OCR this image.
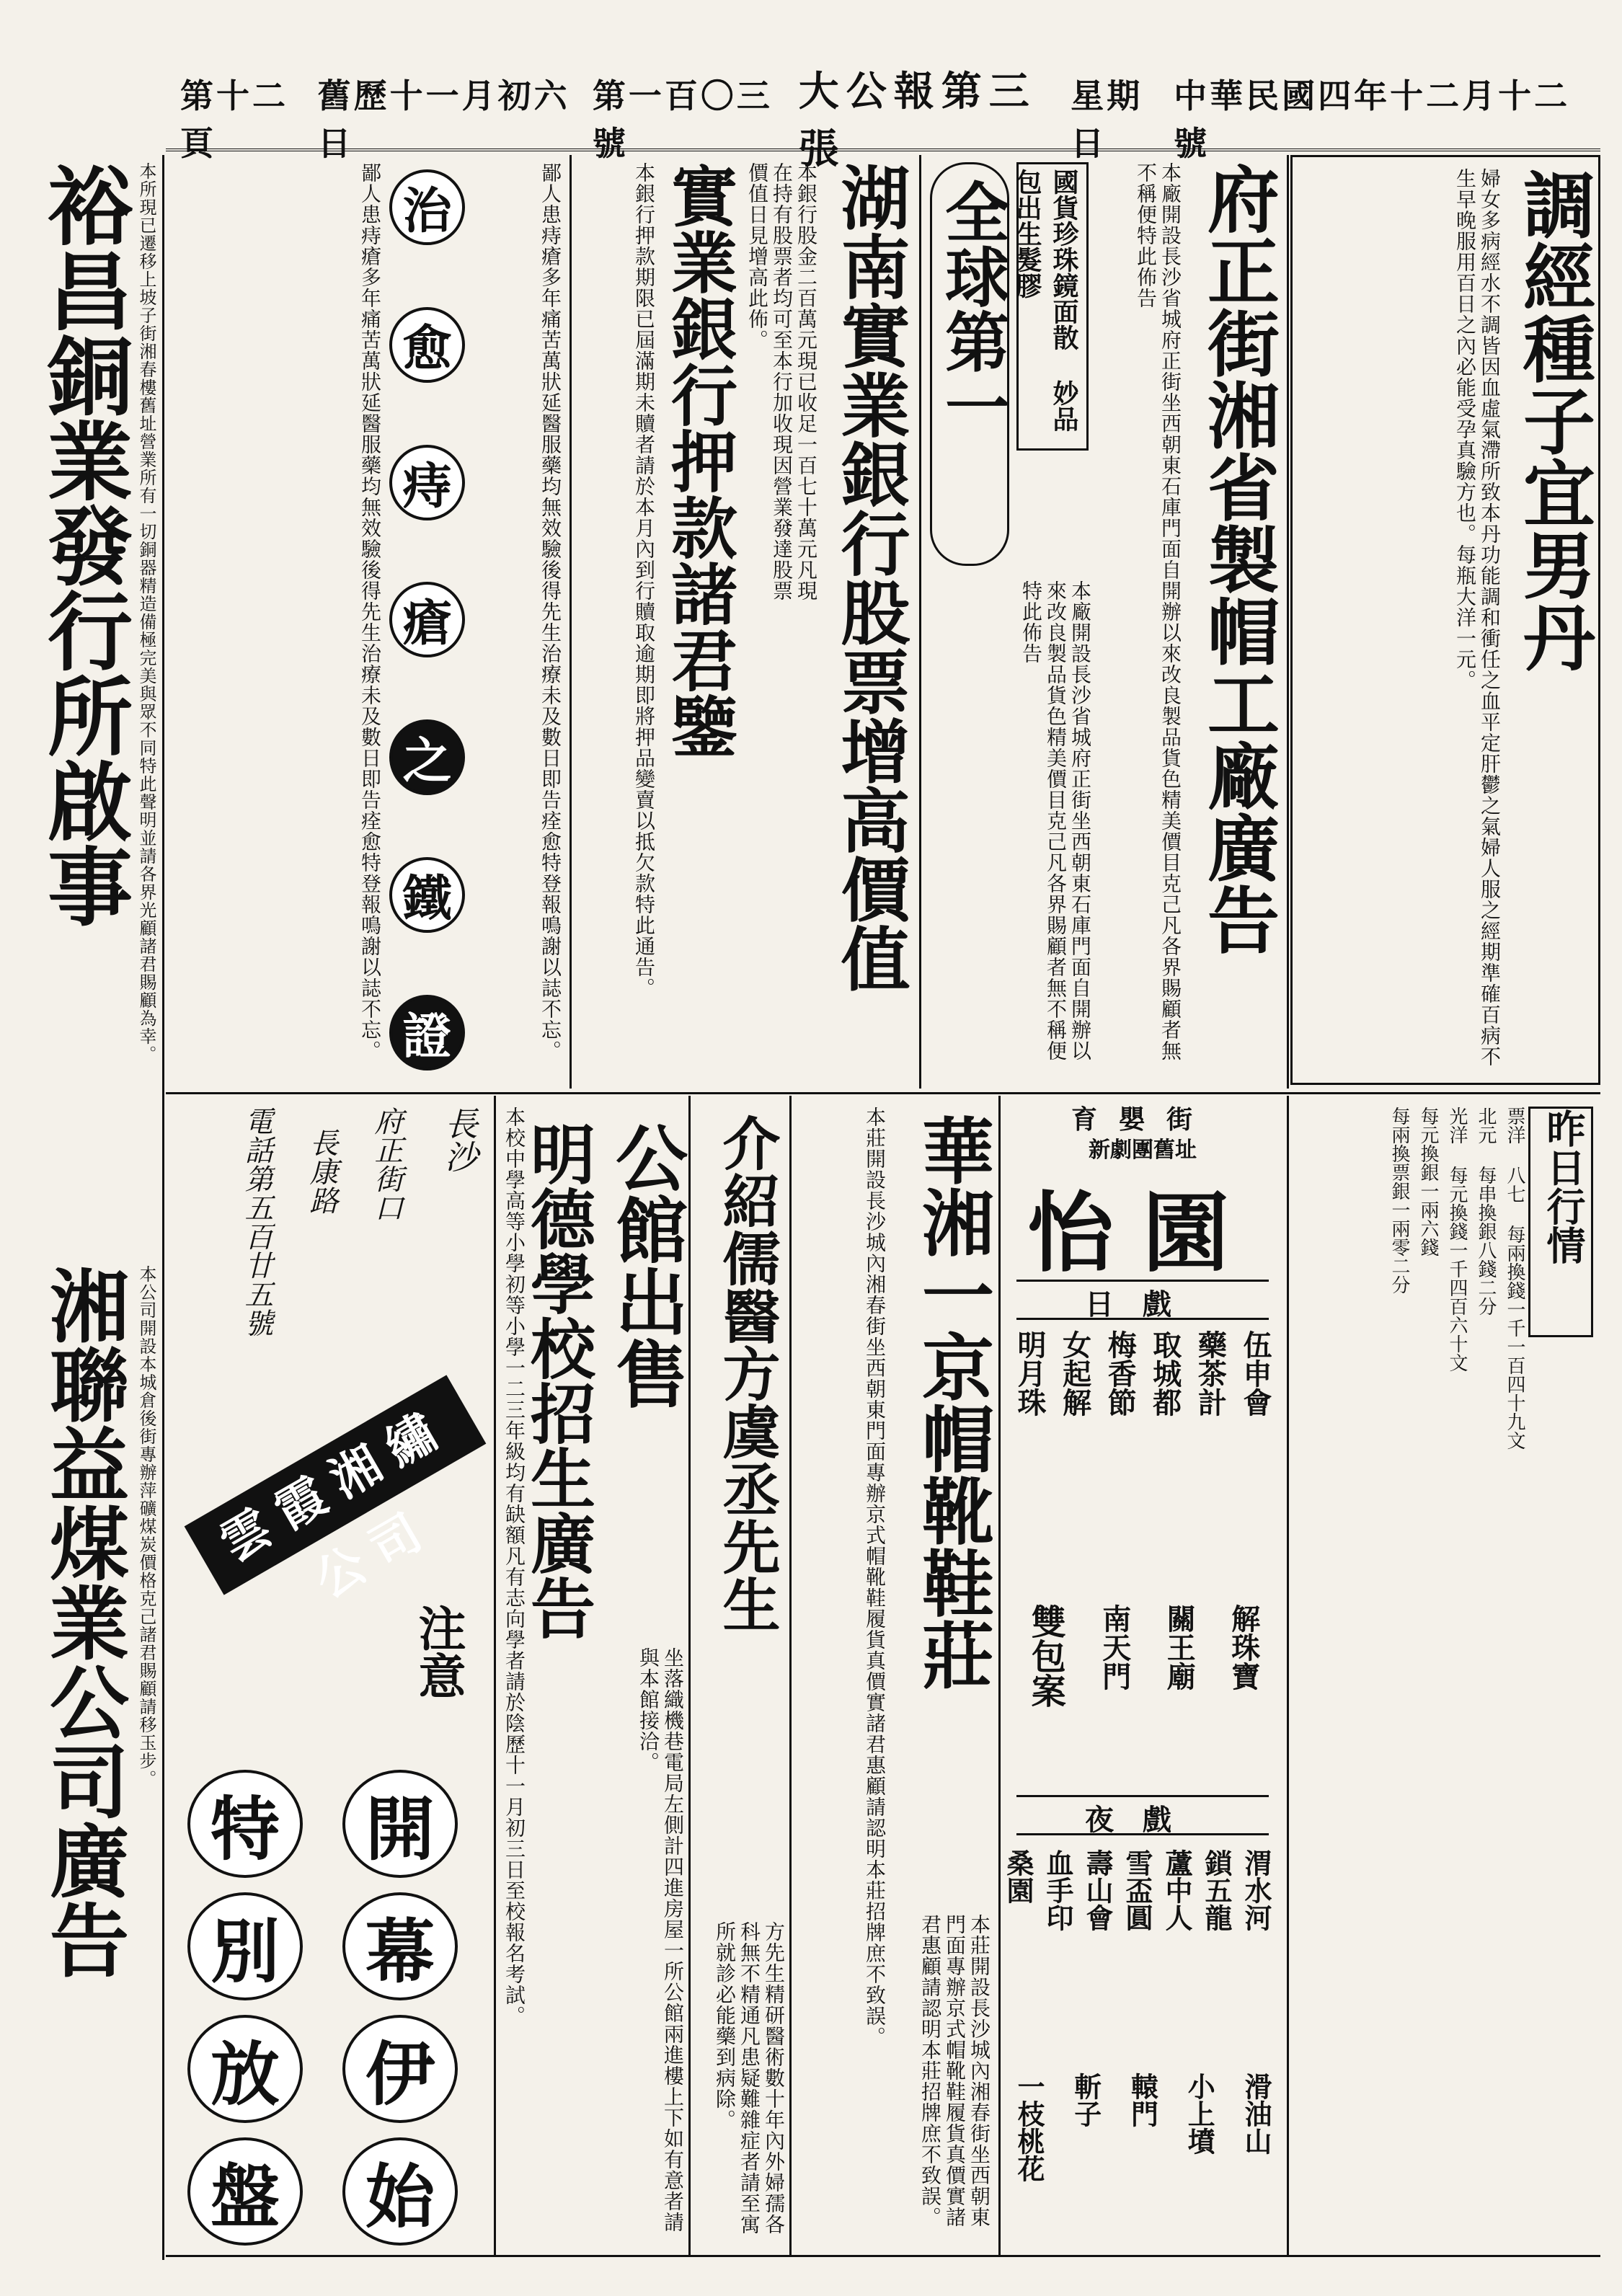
第十二頁
舊歷十一月初六日
第一百〇三號
大公報第三張
星期日
中華民國四年十二月十二號
裕昌銅業發行所啟事 本所現已遷移上坡子街湘春樓舊址營業所有一切銅器精造備極完美與眾不同特此聲明並請各界光顧諸君賜顧為幸。
湘聯益煤業公司廣告 本公司開設本城倉後街專辦萍礦煤炭價格克己諸君賜顧請移玉步。
調經種子宜男丹
婦女多病經水不調皆因血虛氣滯所致本丹功能調和衝任之血平定肝鬱之氣婦人服之經期準確百病不生早晚服用百日之內必能受孕真驗方也。每瓶大洋一元。
府正街湘省製帽工廠廣告
本廠開設長沙省城府正街坐西朝東石庫門面自開辦以來改良製品貨色精美價目克己凡各界賜顧者無不稱便特此佈告
國貨珍珠鏡面散 妙品包出生髮膠
全球第一
本廠開設長沙省城府正街坐西朝東石庫門面自開辦以來改良製品貨色精美價目克己凡各界賜顧者無不稱便特此佈告
湖南實業銀行股票增高價值
本銀行股金二百萬元現已收足一百七十萬元凡現在持有股票者均可至本行加收現因營業發達股票價值日見增高此佈。
實業銀行押款諸君鑒
本銀行押款期限已屆滿期未贖者請於本月內到行贖取逾期即將押品變賣以抵欠款特此通告。
鄙人患痔瘡多年痛苦萬狀延醫服藥均無效驗後得先生治療未及數日即告痊愈特登報鳴謝以誌不忘。
治
愈
痔
瘡
之
鐵
證
鄙人患痔瘡多年痛苦萬狀延醫服藥均無效驗後得先生治療未及數日即告痊愈特登報鳴謝以誌不忘。
昨日行情
票洋 八七 每兩換錢一千一百四十九文
北元 每串換銀八錢二分
光洋 每元換錢一千四百六十文
每元換銀一兩六錢
每兩換票銀一兩零二分
育嬰街
新劇團舊址
怡園
日戲
伍申會
藥茶計
取城都
梅香節
女起解
明月珠
解珠寶
關王廟
南天門
雙包案
夜戲
渭水河
鎖五龍
蘆中人
雪盃圓
壽山會
血手印
桑園
滑油山
小上墳
轅門
斬子
一枝桃花
華湘一京帽靴鞋莊
本莊開設長沙城內湘春街坐西朝東門面專辦京式帽靴鞋履貨真價實諸君惠顧請認明本莊招牌庶不致誤。
本莊開設長沙城內湘春街坐西朝東門面專辦京式帽靴鞋履貨真價實諸君惠顧請認明本莊招牌庶不致誤。
介紹儒醫方虞丞先生
方先生精研醫術數十年內外婦孺各科無不精通凡患疑難雜症者請至寓所就診必能藥到病除。
公館出售
坐落織機巷電局左側計四進房屋一所公館兩進樓上下如有意者請與本館接洽。
本校中學高等小學初等小學一二三年級均有缺額凡有志向學者請於陰歷十一月初三日至校報名考試。
明德學校招生廣告
長沙
府正街口
長康路
電話第五百廿五號
雲霞湘繡公司
注意
開
幕
伊
始
特
別
放
盤
